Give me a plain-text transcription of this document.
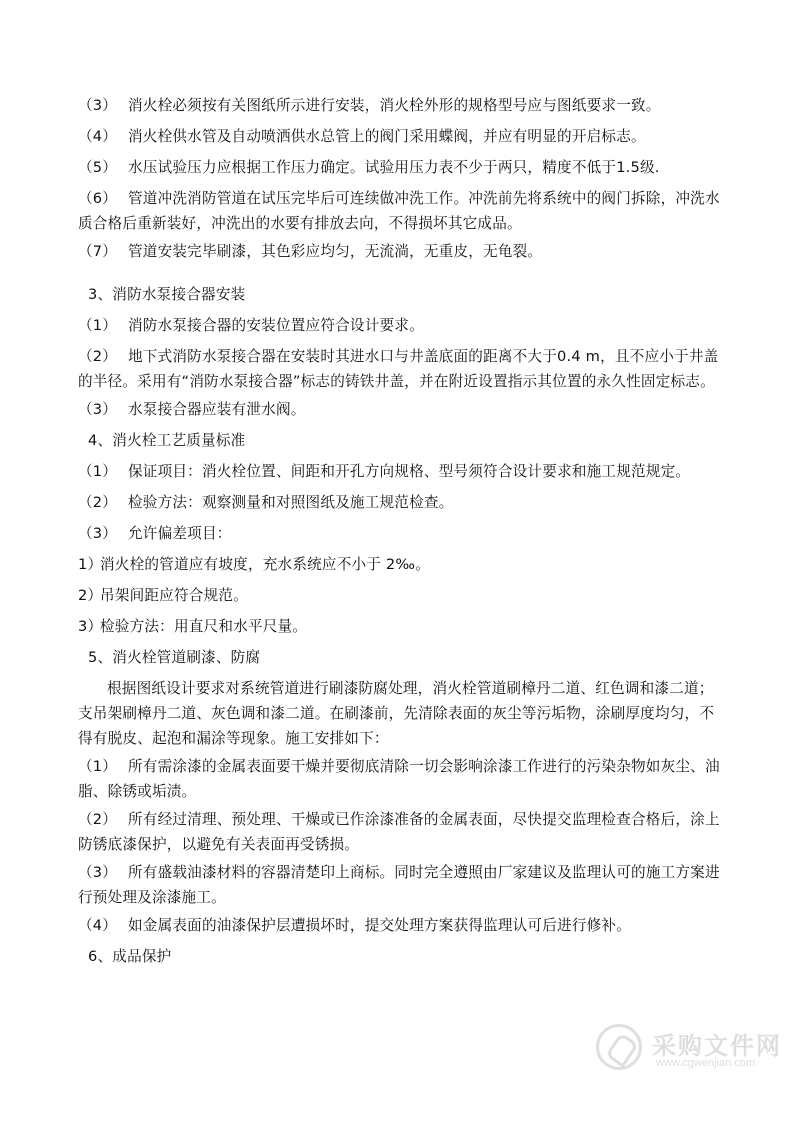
（3） 消火栓必须按有关图纸所示进行安装，消火栓外形的规格型号应与图纸要求一致。

（4） 消火栓供水管及自动喷洒供水总管上的阀门采用蝶阀，并应有明显的开启标志。

（5） 水压试验压力应根据工作压力确定。试验用压力表不少于两只，精度不低于1.5级.

（6） 管道冲洗消防管道在试压完毕后可连续做冲洗工作。冲洗前先将系统中的阀门拆除，冲洗水质合格后重新装好，冲洗出的水要有排放去向，不得损坏其它成品。

（7） 管道安装完毕刷漆，其色彩应均匀，无流淌，无重皮，无龟裂。

3、消防水泵接合器安装

（1） 消防水泵接合器的安装位置应符合设计要求。

（2） 地下式消防水泵接合器在安装时其进水口与井盖底面的距离不大于0.4 m，且不应小于井盖的半径。采用有“消防水泵接合器”标志的铸铁井盖，并在附近设置指示其位置的永久性固定标志。

（3） 水泵接合器应装有泄水阀。

4、消火栓工艺质量标准

（1） 保证项目：消火栓位置、间距和开孔方向规格、型号须符合设计要求和施工规范规定。

（2） 检验方法：观察测量和对照图纸及施工规范检查。

（3） 允许偏差项目：

1）消火栓的管道应有坡度，充水系统应不小于 2‰。

2）吊架间距应符合规范。

3）检验方法：用直尺和水平尺量。

5、消火栓管道刷漆、防腐

根据图纸设计要求对系统管道进行刷漆防腐处理，消火栓管道刷樟丹二道、红色调和漆二道；支吊架刷樟丹二道、灰色调和漆二道。在刷漆前，先清除表面的灰尘等污垢物，涂刷厚度均匀，不得有脱皮、起泡和漏涂等现象。施工安排如下：

（1） 所有需涂漆的金属表面要干燥并要彻底清除一切会影响涂漆工作进行的污染杂物如灰尘、油脂、除锈或垢渍。

（2） 所有经过清理、预处理、干燥或已作涂漆准备的金属表面，尽快提交监理检查合格后，涂上防锈底漆保护，以避免有关表面再受锈损。

（3） 所有盛载油漆材料的容器清楚印上商标。同时完全遵照由厂家建议及监理认可的施工方案进行预处理及涂漆施工。

（4） 如金属表面的油漆保护层遭损坏时，提交处理方案获得监理认可后进行修补。

6、成品保护

采购文件网
www.cgwenjian.com
